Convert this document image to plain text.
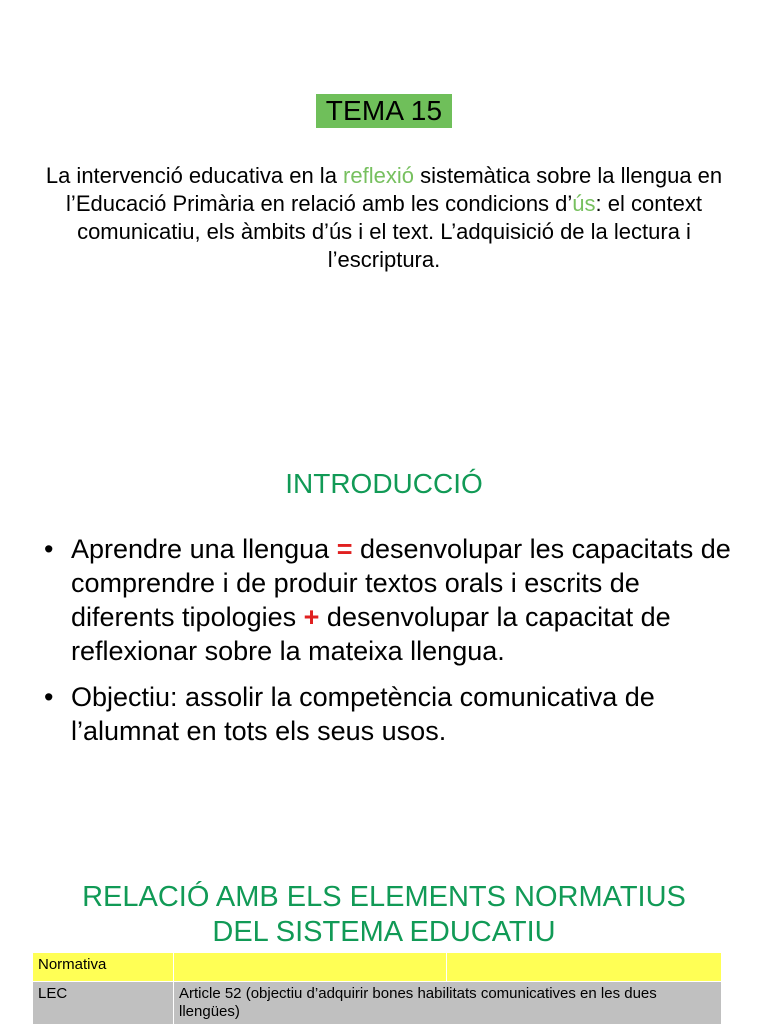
TEMA 15
La intervenció educativa en la reflexió sistemàtica sobre la llengua en l’Educació Primària en relació amb les condicions d’ús: el context comunicatiu, els àmbits d’ús i el text. L’adquisició de la lectura i l’escriptura.
INTRODUCCIÓ
• Aprendre una llengua = desenvolupar les capacitats de comprendre i de produir textos orals i escrits de diferents tipologies + desenvolupar la capacitat de reflexionar sobre la mateixa llengua.
• Objectiu: assolir la competència comunicativa de l’alumnat en tots els seus usos.
RELACIÓ AMB ELS ELEMENTS NORMATIUS
DEL SISTEMA EDUCATIU
Normativa		
LEC	Article 52 (objectiu d’adquirir bones habilitats comunicatives en les dues llengües)	
